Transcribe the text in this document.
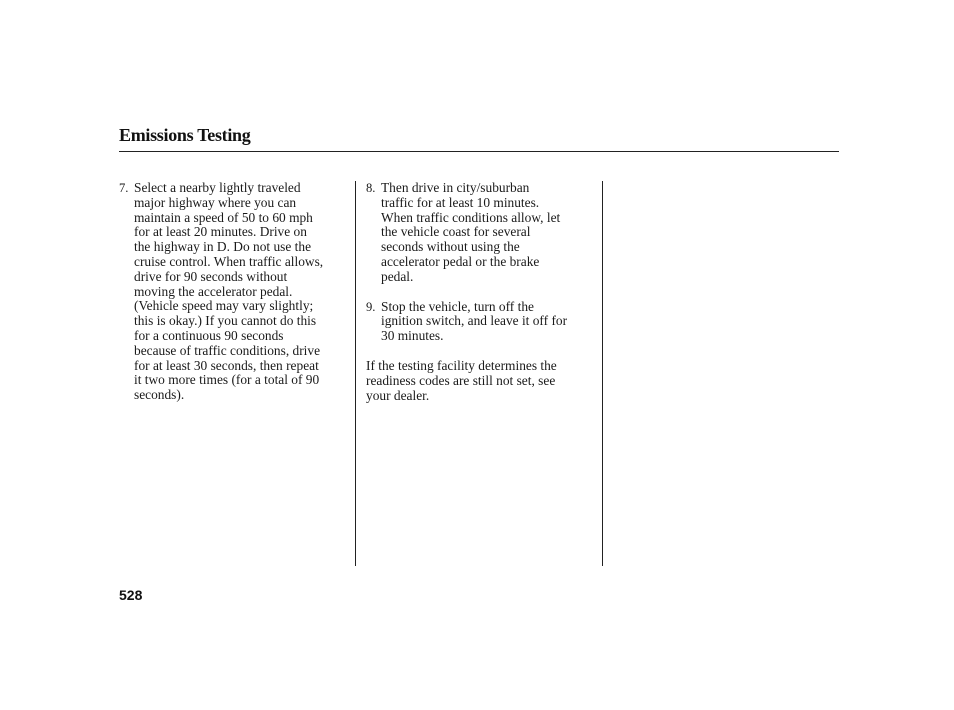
Emissions Testing
7. Select a nearby lightly traveled
major highway where you can
maintain a speed of 50 to 60 mph
for at least 20 minutes. Drive on
the highway in D. Do not use the
cruise control. When traffic allows,
drive for 90 seconds without
moving the accelerator pedal.
(Vehicle speed may vary slightly;
this is okay.) If you cannot do this
for a continuous 90 seconds
because of traffic conditions, drive
for at least 30 seconds, then repeat
it two more times (for a total of 90
seconds).
8. Then drive in city/suburban
traffic for at least 10 minutes.
When traffic conditions allow, let
the vehicle coast for several
seconds without using the
accelerator pedal or the brake
pedal.
9. Stop the vehicle, turn off the
ignition switch, and leave it off for
30 minutes.
If the testing facility determines the
readiness codes are still not set, see
your dealer.
528
